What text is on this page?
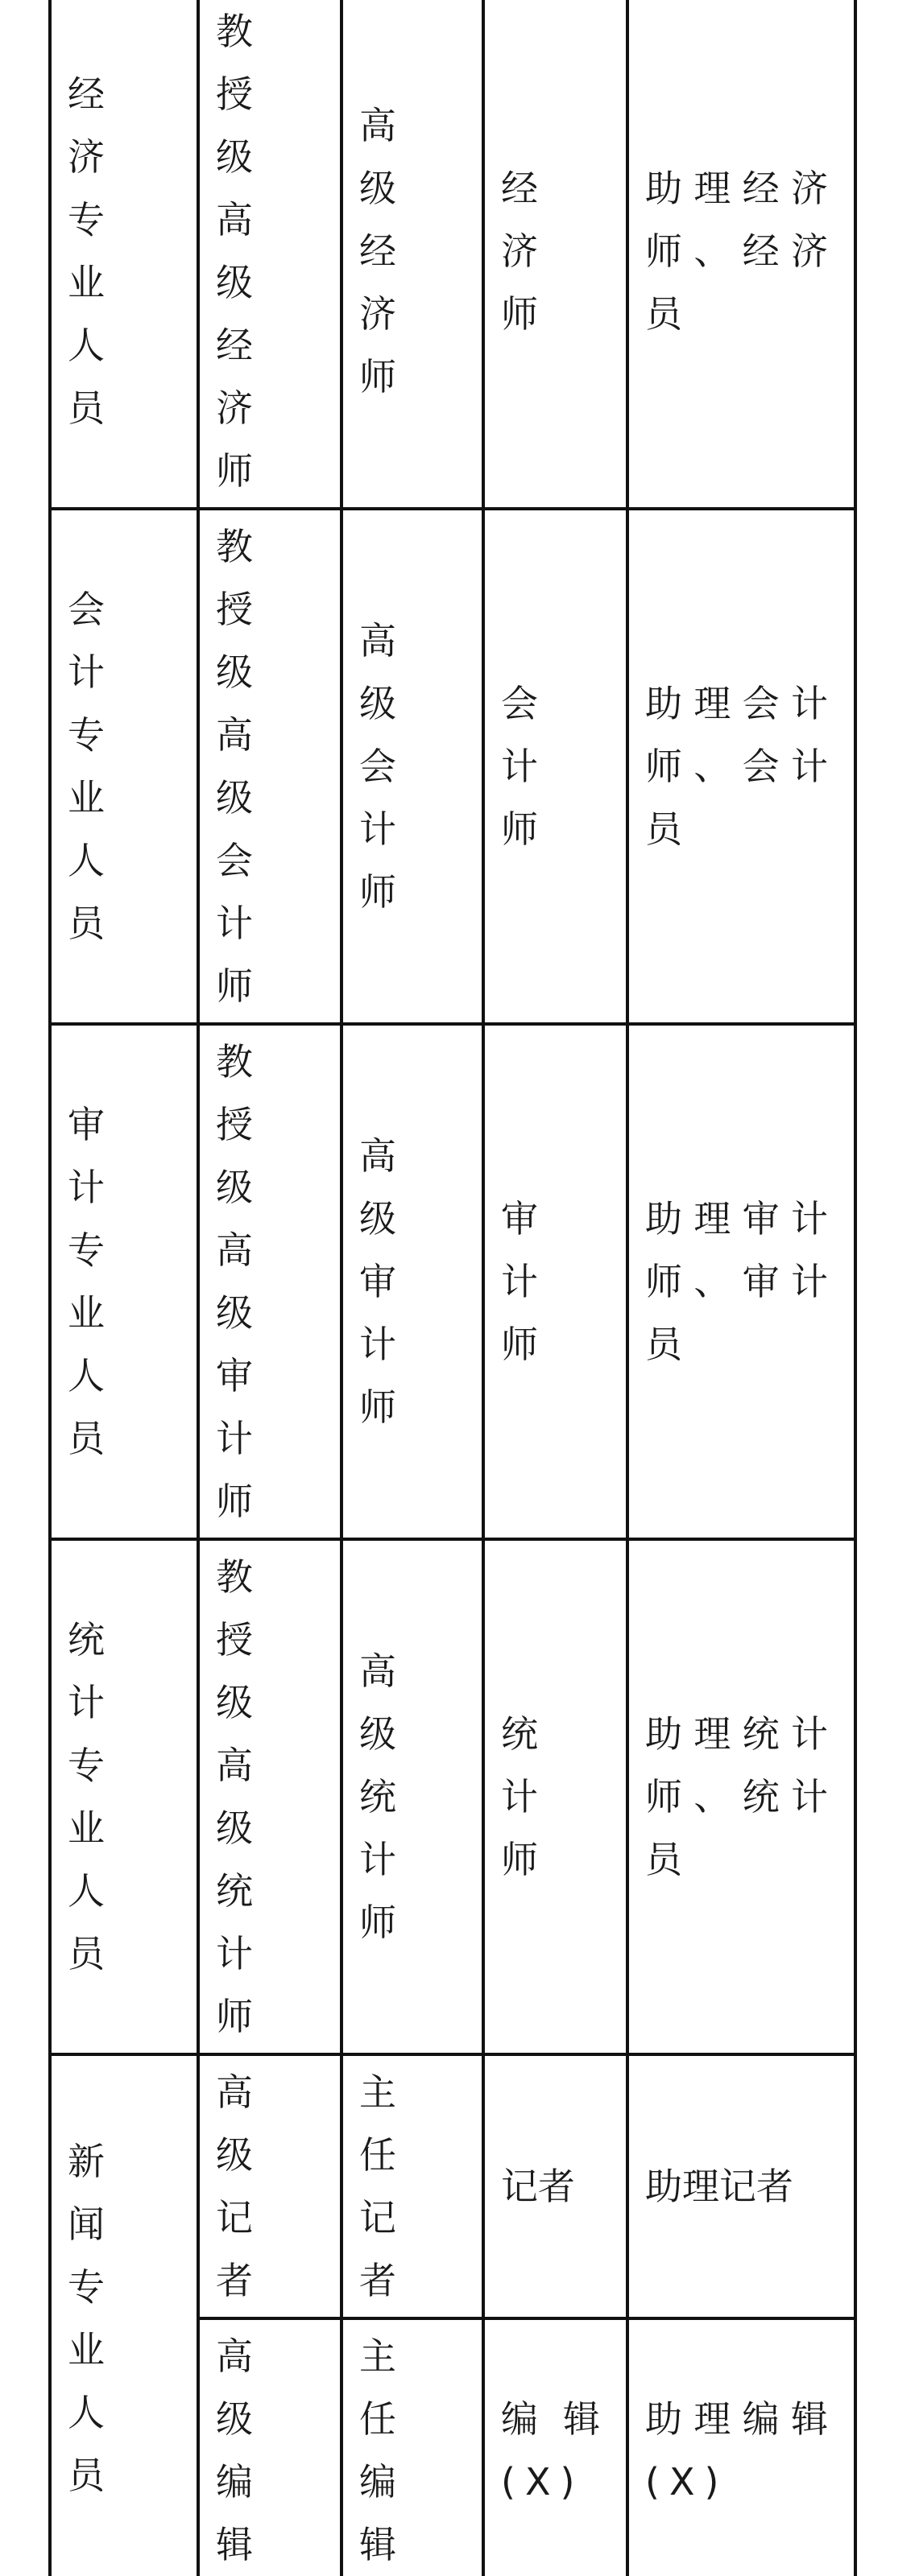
经济专业人员	教授级高级经济师	高级经济师	经济师	助理经济师、经济员
会计专业人员	教授级高级会计师	高级会计师	会计师	助理会计师、会计员
审计专业人员	教授级高级审计师	高级审计师	审计师	助理审计师、审计员
统计专业人员	教授级高级统计师	高级统计师	统计师	助理统计师、统计员
新闻专业人员	高级记者	主任记者	记者	助理记者
	高级编辑	主任编辑	编辑(X)	助理编辑(X)
